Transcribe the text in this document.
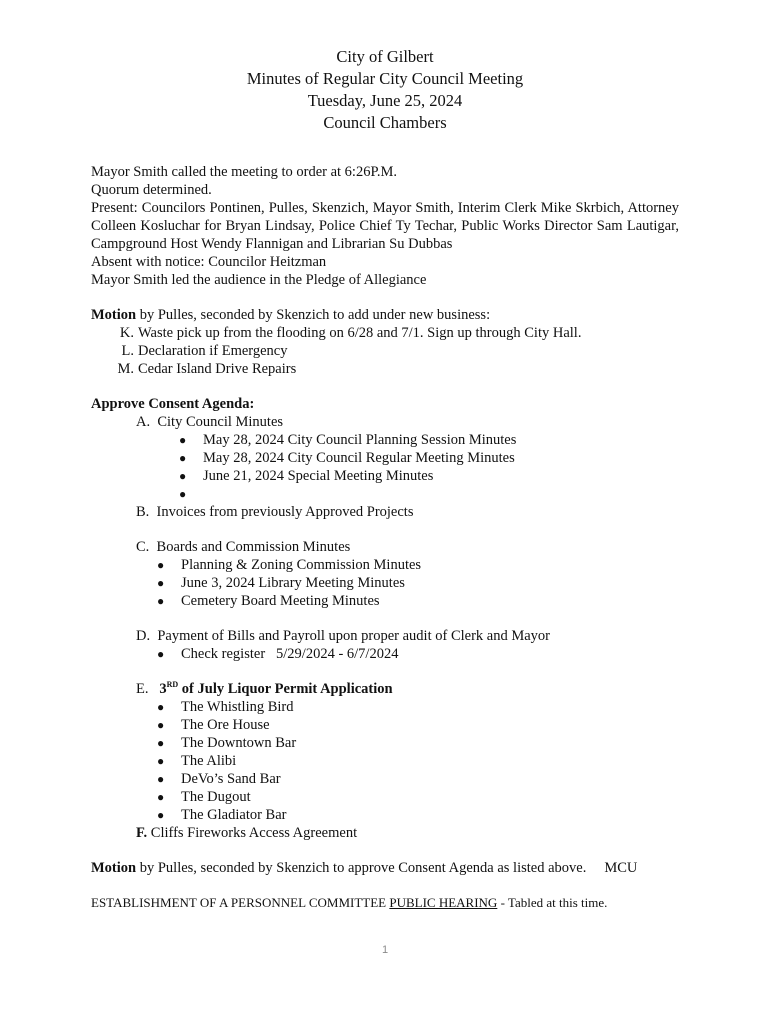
City of Gilbert
Minutes of Regular City Council Meeting
Tuesday, June 25, 2024
Council Chambers
Mayor Smith called the meeting to order at 6:26P.M.
Quorum determined.
Present: Councilors Pontinen, Pulles, Skenzich, Mayor Smith, Interim Clerk Mike Skrbich, Attorney Colleen Kosluchar for Bryan Lindsay, Police Chief Ty Techar, Public Works Director Sam Lautigar, Campground Host Wendy Flannigan and Librarian Su Dubbas
Absent with notice: Councilor Heitzman
Mayor Smith led the audience in the Pledge of Allegiance
Motion by Pulles, seconded by Skenzich to add under new business:
K. Waste pick up from the flooding on 6/28 and 7/1. Sign up through City Hall.
L. Declaration if Emergency
M. Cedar Island Drive Repairs
Approve Consent Agenda:
A. City Council Minutes
●	May 28, 2024 City Council Planning Session Minutes
●	May 28, 2024 City Council Regular Meeting Minutes
●	June 21, 2024 Special Meeting Minutes
●
B. Invoices from previously Approved Projects
C. Boards and Commission Minutes
●	Planning & Zoning Commission Minutes
●	June 3, 2024 Library Meeting Minutes
●	Cemetery Board Meeting Minutes
D. Payment of Bills and Payroll upon proper audit of Clerk and Mayor
●	Check register   5/29/2024 - 6/7/2024
E. 3RD of July Liquor Permit Application
●	The Whistling Bird
●	The Ore House
●	The Downtown Bar
●	The Alibi
●	DeVo’s Sand Bar
●	The Dugout
●	The Gladiator Bar
F. Cliffs Fireworks Access Agreement
Motion by Pulles, seconded by Skenzich to approve Consent Agenda as listed above. MCU
ESTABLISHMENT OF A PERSONNEL COMMITTEE PUBLIC HEARING - Tabled at this time.
1
